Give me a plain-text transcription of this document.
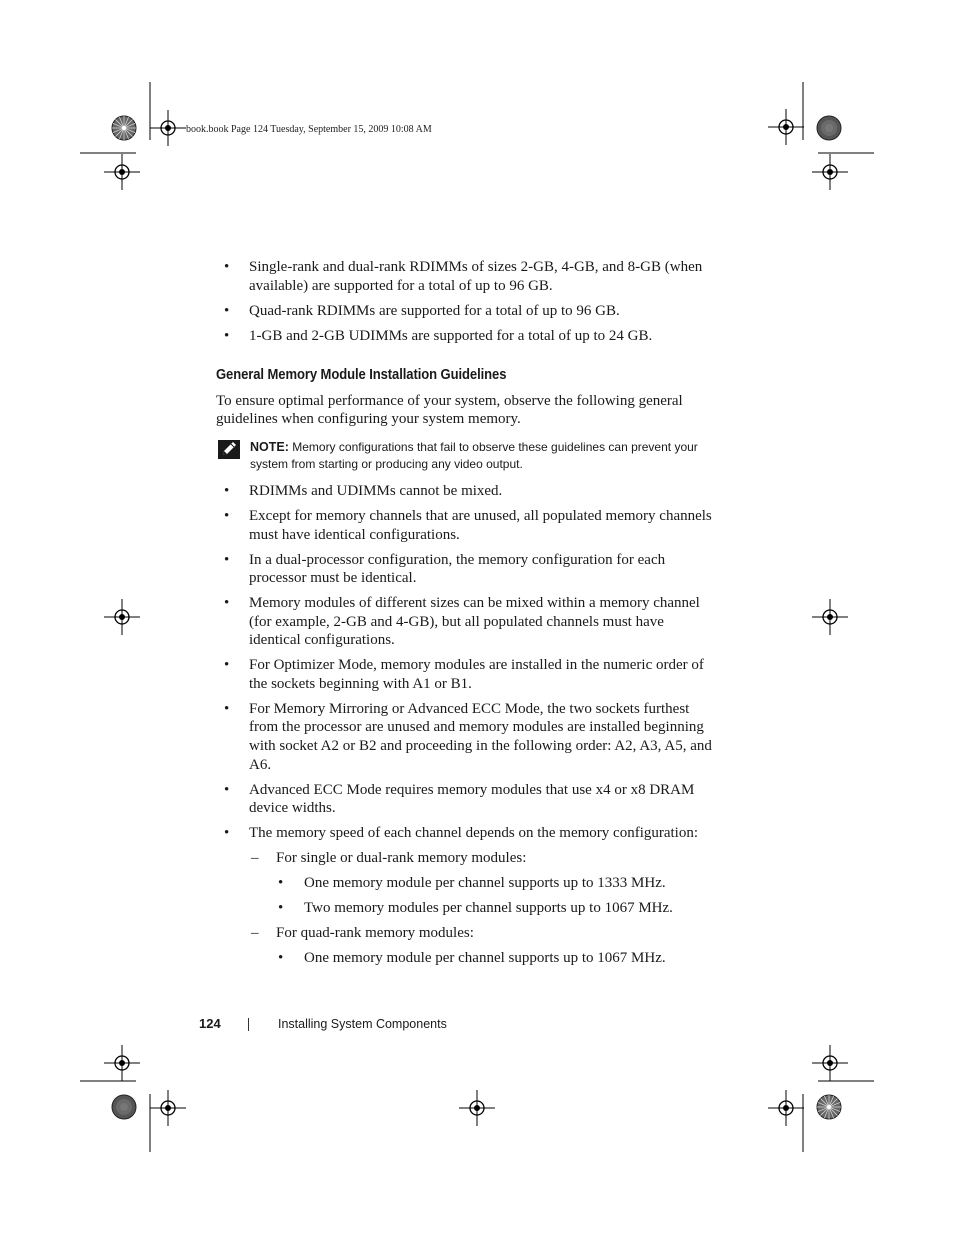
book.book Page 124 Tuesday, September 15, 2009 10:08 AM
• Single-rank and dual-rank RDIMMs of sizes 2-GB, 4-GB, and 8-GB (when available) are supported for a total of up to 96 GB.
• Quad-rank RDIMMs are supported for a total of up to 96 GB.
• 1-GB and 2-GB UDIMMs are supported for a total of up to 24 GB.
General Memory Module Installation Guidelines

To ensure optimal performance of your system, observe the following general guidelines when configuring your system memory.

NOTE: Memory configurations that fail to observe these guidelines can prevent your system from starting or producing any video output.
• RDIMMs and UDIMMs cannot be mixed.
• Except for memory channels that are unused, all populated memory channels must have identical configurations.
• In a dual-processor configuration, the memory configuration for each processor must be identical.
• Memory modules of different sizes can be mixed within a memory channel (for example, 2-GB and 4-GB), but all populated channels must have identical configurations.
• For Optimizer Mode, memory modules are installed in the numeric order of the sockets beginning with A1 or B1.
• For Memory Mirroring or Advanced ECC Mode, the two sockets furthest from the processor are unused and memory modules are installed beginning with socket A2 or B2 and proceeding in the following order: A2, A3, A5, and A6.
• Advanced ECC Mode requires memory modules that use x4 or x8 DRAM device widths.
• The memory speed of each channel depends on the memory configuration:
– For single or dual-rank memory modules:
• One memory module per channel supports up to 1333 MHz.
• Two memory modules per channel supports up to 1067 MHz.
– For quad-rank memory modules:
• One memory module per channel supports up to 1067 MHz.
124	Installing System Components
